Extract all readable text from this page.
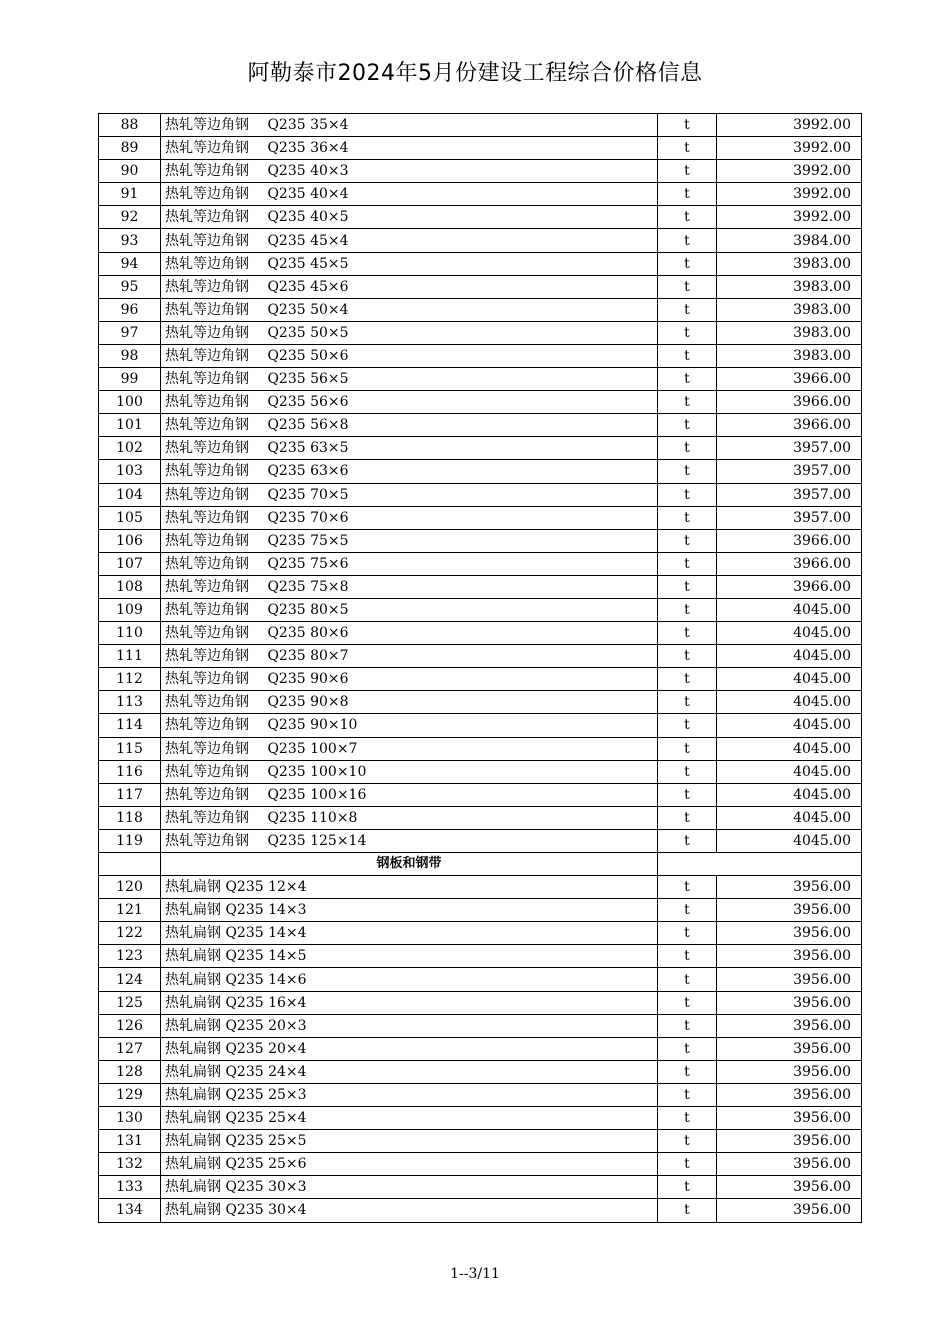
阿勒泰市2024年5月份建设工程综合价格信息
88	热轧等边角钢　 Q235 35×4	t	3992.00
89	热轧等边角钢　 Q235 36×4	t	3992.00
90	热轧等边角钢　 Q235 40×3	t	3992.00
91	热轧等边角钢　 Q235 40×4	t	3992.00
92	热轧等边角钢　 Q235 40×5	t	3992.00
93	热轧等边角钢　 Q235 45×4	t	3984.00
94	热轧等边角钢　 Q235 45×5	t	3983.00
95	热轧等边角钢　 Q235 45×6	t	3983.00
96	热轧等边角钢　 Q235 50×4	t	3983.00
97	热轧等边角钢　 Q235 50×5	t	3983.00
98	热轧等边角钢　 Q235 50×6	t	3983.00
99	热轧等边角钢　 Q235 56×5	t	3966.00
100	热轧等边角钢　 Q235 56×6	t	3966.00
101	热轧等边角钢　 Q235 56×8	t	3966.00
102	热轧等边角钢　 Q235 63×5	t	3957.00
103	热轧等边角钢　 Q235 63×6	t	3957.00
104	热轧等边角钢　 Q235 70×5	t	3957.00
105	热轧等边角钢　 Q235 70×6	t	3957.00
106	热轧等边角钢　 Q235 75×5	t	3966.00
107	热轧等边角钢　 Q235 75×6	t	3966.00
108	热轧等边角钢　 Q235 75×8	t	3966.00
109	热轧等边角钢　 Q235 80×5	t	4045.00
110	热轧等边角钢　 Q235 80×6	t	4045.00
111	热轧等边角钢　 Q235 80×7	t	4045.00
112	热轧等边角钢　 Q235 90×6	t	4045.00
113	热轧等边角钢　 Q235 90×8	t	4045.00
114	热轧等边角钢　 Q235 90×10	t	4045.00
115	热轧等边角钢　 Q235 100×7	t	4045.00
116	热轧等边角钢　 Q235 100×10	t	4045.00
117	热轧等边角钢　 Q235 100×16	t	4045.00
118	热轧等边角钢　 Q235 110×8	t	4045.00
119	热轧等边角钢　 Q235 125×14	t	4045.00
	钢板和钢带		
120	热轧扁钢 Q235 12×4	t	3956.00
121	热轧扁钢 Q235 14×3	t	3956.00
122	热轧扁钢 Q235 14×4	t	3956.00
123	热轧扁钢 Q235 14×5	t	3956.00
124	热轧扁钢 Q235 14×6	t	3956.00
125	热轧扁钢 Q235 16×4	t	3956.00
126	热轧扁钢 Q235 20×3	t	3956.00
127	热轧扁钢 Q235 20×4	t	3956.00
128	热轧扁钢 Q235 24×4	t	3956.00
129	热轧扁钢 Q235 25×3	t	3956.00
130	热轧扁钢 Q235 25×4	t	3956.00
131	热轧扁钢 Q235 25×5	t	3956.00
132	热轧扁钢 Q235 25×6	t	3956.00
133	热轧扁钢 Q235 30×3	t	3956.00
134	热轧扁钢 Q235 30×4	t	3956.00
1--3/11
